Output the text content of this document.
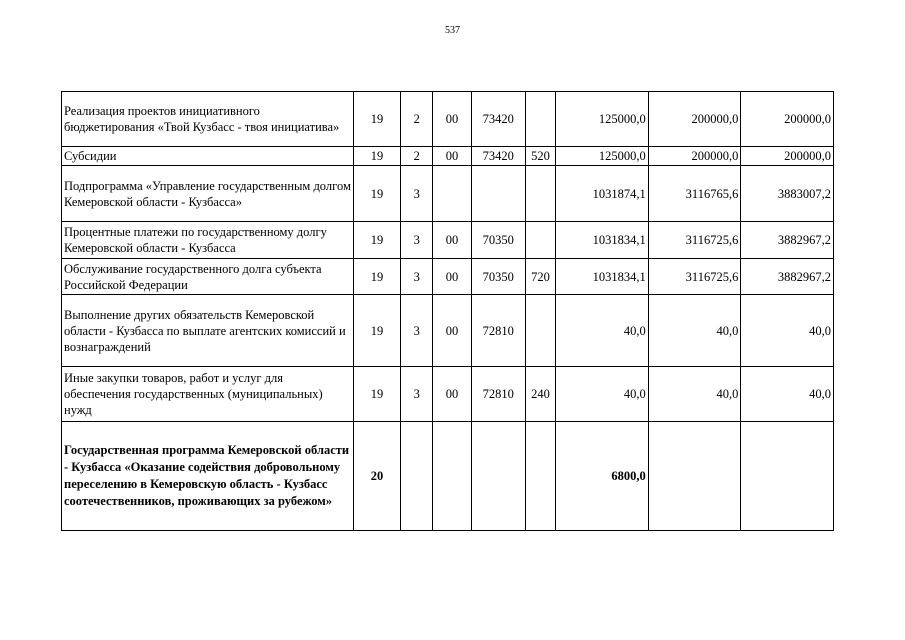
537
Реализация проектов инициативного бюджетирования «Твой Кузбасс - твоя инициатива»	19	2	00	73420		125000,0	200000,0	200000,0
Субсидии	19	2	00	73420	520	125000,0	200000,0	200000,0
Подпрограмма «Управление государственным долгом Кемеровской области - Кузбасса»	19	3				1031874,1	3116765,6	3883007,2
Процентные платежи по государственному долгу Кемеровской области - Кузбасса	19	3	00	70350		1031834,1	3116725,6	3882967,2
Обслуживание государственного долга субъекта Российской Федерации	19	3	00	70350	720	1031834,1	3116725,6	3882967,2
Выполнение других обязательств Кемеровской области - Кузбасса по выплате агентских комиссий и вознаграждений	19	3	00	72810		40,0	40,0	40,0
Иные закупки товаров, работ и услуг для обеспечения государственных (муниципальных) нужд	19	3	00	72810	240	40,0	40,0	40,0
Государственная программа Кемеровской области - Кузбасса «Оказание содействия добровольному переселению в Кемеровскую область - Кузбасс соотечественников, проживающих за рубежом»	20					6800,0		
